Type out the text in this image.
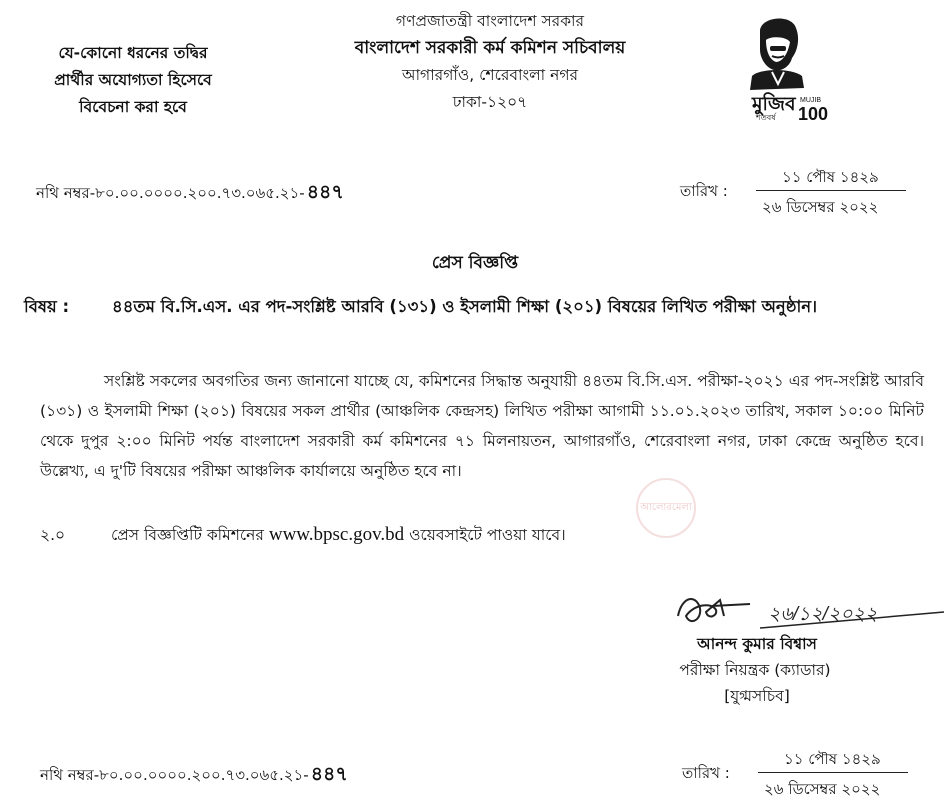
যে-কোনো ধরনের তদ্বির
প্রার্থীর অযোগ্যতা হিসেবে
বিবেচনা করা হবে
গণপ্রজাতন্ত্রী বাংলাদেশ সরকার
বাংলাদেশ সরকারী কর্ম কমিশন সচিবালয়
আগারগাঁও, শেরেবাংলা নগর
ঢাকা-১২০৭	মুজিব
শতবর্ষ
MUJIB
100
নথি নম্বর-৮০.০০.০০০০.২০০.৭৩.০৬৫.২১- ৪৪৭	তারিখ :
১১ পৌষ ১৪২৯
২৬ ডিসেম্বর ২০২২
প্রেস বিজ্ঞপ্তি
বিষয় :	৪৪তম বি.সি.এস. এর পদ-সংশ্লিষ্ট আরবি (১৩১) ও ইসলামী শিক্ষা (২০১) বিষয়ের লিখিত পরীক্ষা অনুষ্ঠান।
সংশ্লিষ্ট সকলের অবগতির জন্য জানানো যাচ্ছে যে, কমিশনের সিদ্ধান্ত অনুযায়ী ৪৪তম বি.সি.এস. পরীক্ষা-২০২১ এর পদ-সংশ্লিষ্ট আরবি (১৩১) ও ইসলামী শিক্ষা (২০১) বিষয়ের সকল প্রার্থীর (আঞ্চলিক কেন্দ্রসহ) লিখিত পরীক্ষা আগামী ১১.০১.২০২৩ তারিখ, সকাল ১০:০০ মিনিট থেকে দুপুর ২:০০ মিনিট পর্যন্ত বাংলাদেশ সরকারী কর্ম কমিশনের ৭১ মিলনায়তন, আগারগাঁও, শেরেবাংলা নগর, ঢাকা কেন্দ্রে অনুষ্ঠিত হবে। উল্লেখ্য, এ দু'টি বিষয়ের পরীক্ষা আঞ্চলিক কার্যালয়ে অনুষ্ঠিত হবে না।
আলোরমেলা
২.০	প্রেস বিজ্ঞপ্তিটি কমিশনের www.bpsc.gov.bd ওয়েবসাইটে পাওয়া যাবে।
২৬/১২/২০২২
আনন্দ কুমার বিশ্বাস
পরীক্ষা নিয়ন্ত্রক (ক্যাডার)
[যুগ্মসচিব]
নথি নম্বর-৮০.০০.০০০০.২০০.৭৩.০৬৫.২১- ৪৪৭	তারিখ :
১১ পৌষ ১৪২৯
২৬ ডিসেম্বর ২০২২
